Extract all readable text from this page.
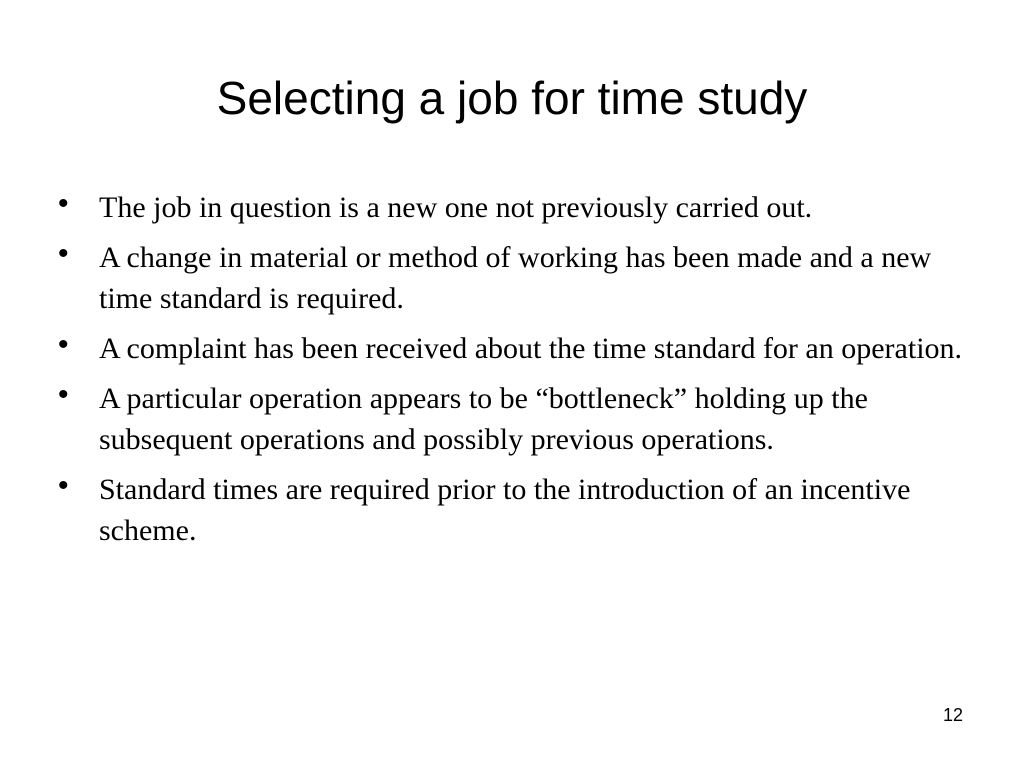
Selecting a job for time study
• The job in question is a new one not previously carried out.
• A change in material or method of working has been made and a new time standard is required.
• A complaint has been received about the time standard for an operation.
• A particular operation appears to be “bottleneck” holding up the subsequent operations and possibly previous operations.
• Standard times are required prior to the introduction of an incentive scheme.
12
